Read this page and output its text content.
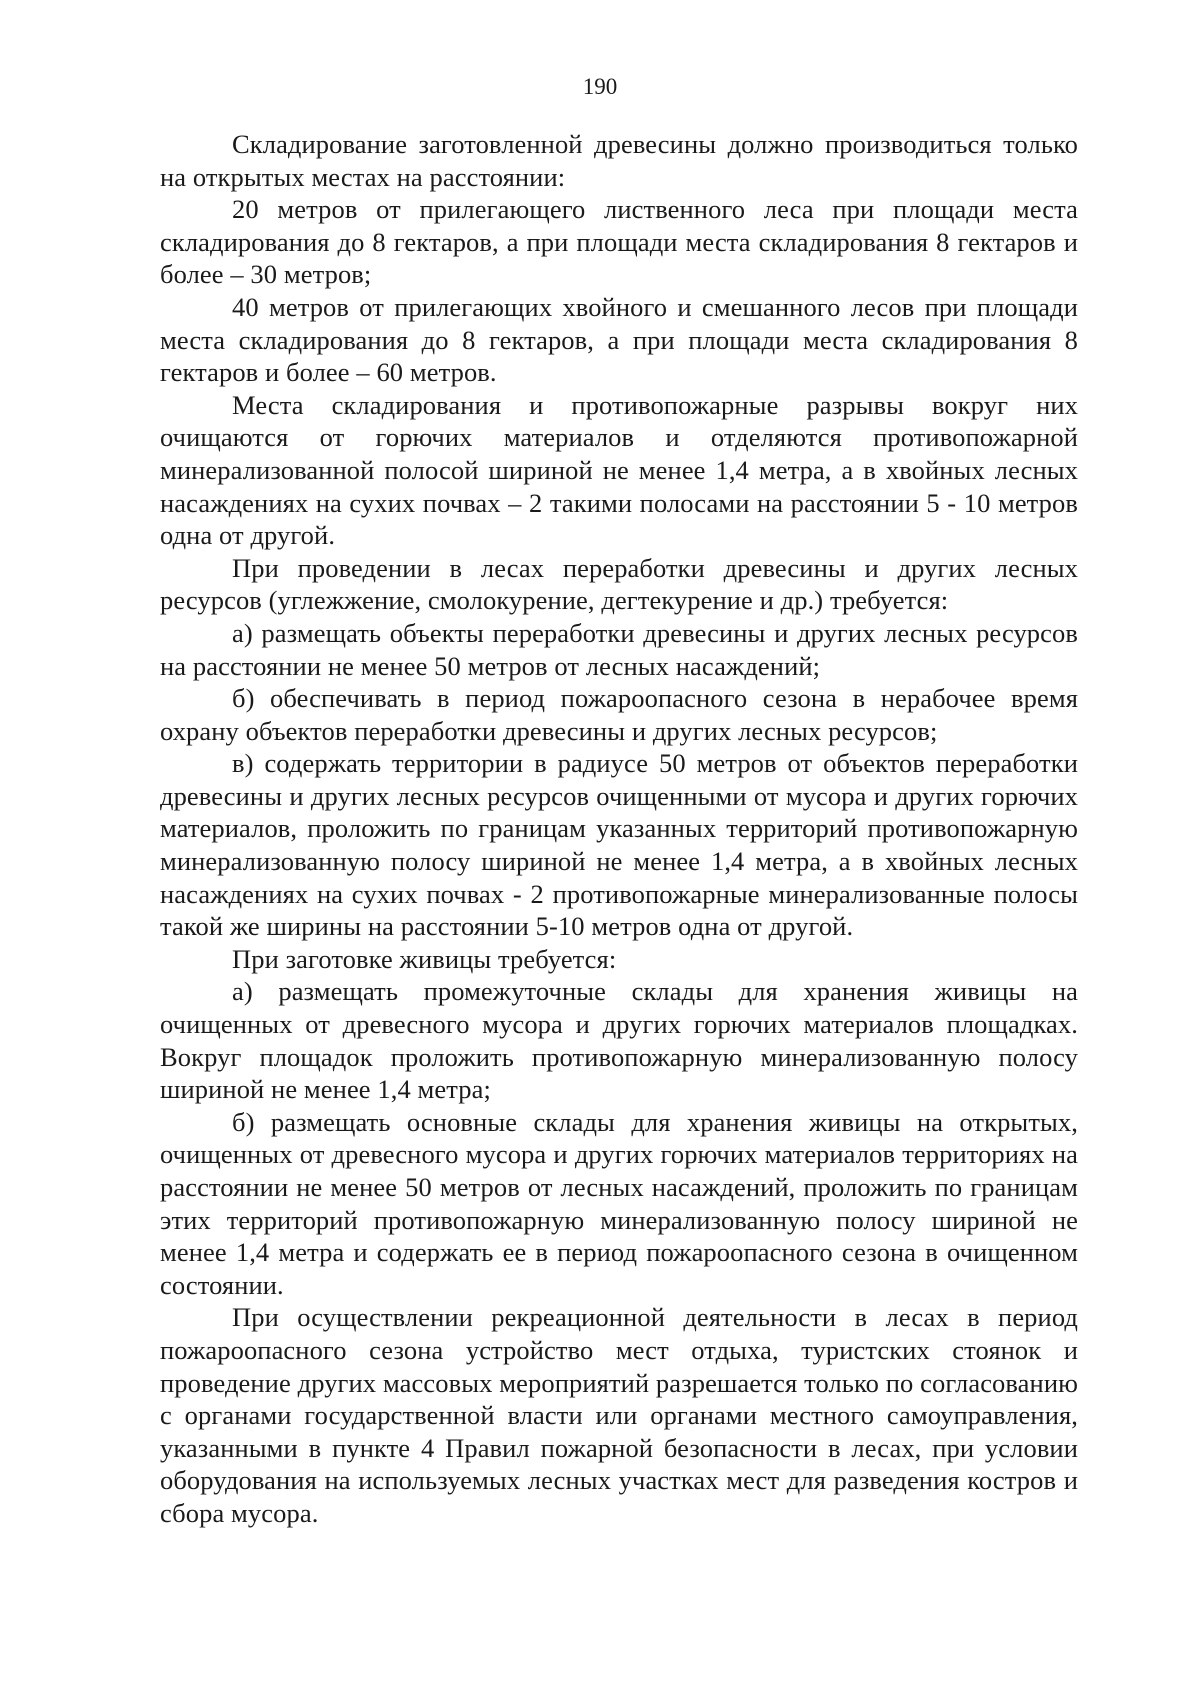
190

Складирование заготовленной древесины должно производиться только на открытых местах на расстоянии:

20 метров от прилегающего лиственного леса при площади места складирования до 8 гектаров, а при площади места складирования 8 гектаров и более – 30 метров;

40 метров от прилегающих хвойного и смешанного лесов при площади места складирования до 8 гектаров, а при площади места складирования 8 гектаров и более – 60 метров.

Места складирования и противопожарные разрывы вокруг них очищаются от горючих материалов и отделяются противопожарной минерализованной полосой шириной не менее 1,4 метра, а в хвойных лесных насаждениях на сухих почвах – 2 такими полосами на расстоянии 5 - 10 метров одна от другой.

При проведении в лесах переработки древесины и других лесных ресурсов (углежжение, смолокурение, дегтекурение и др.) требуется:

а) размещать объекты переработки древесины и других лесных ресурсов на расстоянии не менее 50 метров от лесных насаждений;

б) обеспечивать в период пожароопасного сезона в нерабочее время охрану объектов переработки древесины и других лесных ресурсов;

в) содержать территории в радиусе 50 метров от объектов переработки древесины и других лесных ресурсов очищенными от мусора и других горючих материалов, проложить по границам указанных территорий противопожарную минерализованную полосу шириной не менее 1,4 метра, а в хвойных лесных насаждениях на сухих почвах - 2 противопожарные минерализованные полосы такой же ширины на расстоянии 5-10 метров одна от другой.

При заготовке живицы требуется:

а) размещать промежуточные склады для хранения живицы на очищенных от древесного мусора и других горючих материалов площадках. Вокруг площадок проложить противопожарную минерализованную полосу шириной не менее 1,4 метра;

б) размещать основные склады для хранения живицы на открытых, очищенных от древесного мусора и других горючих материалов территориях на расстоянии не менее 50 метров от лесных насаждений, проложить по границам этих территорий противопожарную минерализованную полосу шириной не менее 1,4 метра и содержать ее в период пожароопасного сезона в очищенном состоянии.

При осуществлении рекреационной деятельности в лесах в период пожароопасного сезона устройство мест отдыха, туристских стоянок и проведение других массовых мероприятий разрешается только по согласованию с органами государственной власти или органами местного самоуправления, указанными в пункте 4 Правил пожарной безопасности в лесах, при условии оборудования на используемых лесных участках мест для разведения костров и сбора мусора.
